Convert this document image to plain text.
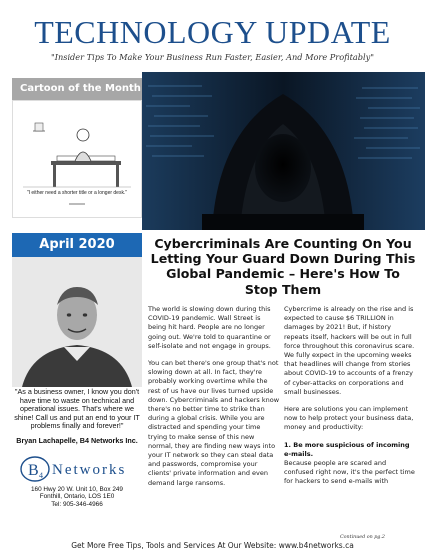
TECHNOLOGY UPDATE
"Insider Tips To Make Your Business Run Faster, Easier, And More Profitably"
Cartoon of the Month
"I either need a shorter title or a longer desk."
April 2020
"As a business owner, I know you don't have time to waste on technical and operational issues. That's where we shine! Call us and put an end to your IT problems finally and forever!"
Bryan Lachapelle, B4 Networks Inc.
B 4 Networks
160 Hwy 20 W. Unit 10, Box 249
Fonthill, Ontario, LOS 1E0
Tel: 905-346-4966
Cybercriminals Are Counting On You Letting Your Guard Down During This Global Pandemic – Here's How To Stop Them

The world is slowing down during this COVID-19 pandemic. Wall Street is being hit hard. People are no longer going out. We're told to quarantine or self-isolate and not engage in groups.

You can bet there's one group that's not slowing down at all. In fact, they're probably working overtime while the rest of us have our lives turned upside down. Cybercriminals and hackers know there's no better time to strike than during a global crisis. While you are distracted and spending your time trying to make sense of this new normal, they are finding new ways into your IT network so they can steal data and passwords, compromise your clients' private information and even demand large ransoms.

Cybercrime is already on the rise and is expected to cause $6 TRILLION in damages by 2021! But, if history repeats itself, hackers will be out in full force throughout this coronavirus scare. We fully expect in the upcoming weeks that headlines will change from stories about COVID-19 to accounts of a frenzy of cyber-attacks on corporations and small businesses.

Here are solutions you can implement now to help protect your business data, money and productivity:

1. Be more suspicious of incoming e-mails.

Because people are scared and confused right now, it's the perfect time for hackers to send e-mails with

Continued on pg.2
Get More Free Tips, Tools and Services At Our Website: www.b4networks.ca
